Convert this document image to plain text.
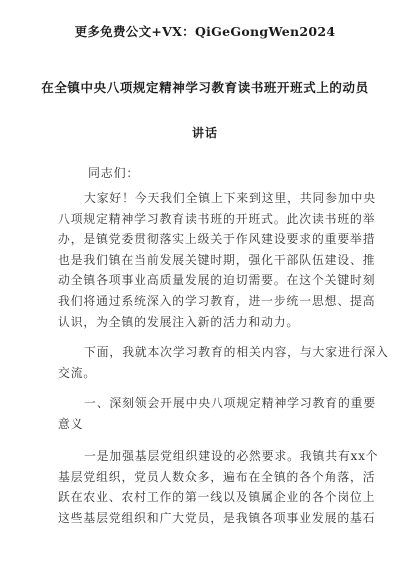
更多免费公文+VX：QiGeGongWen2024
在全镇中央八项规定精神学习教育读书班开班式上的动员
讲话
同志们：
大家好！今天我们全镇上下来到这里，共同参加中央
八项规定精神学习教育读书班的开班式。此次读书班的举
办，是镇党委贯彻落实上级关于作风建设要求的重要举措
也是我们镇在当前发展关键时期，强化干部队伍建设、推
动全镇各项事业高质量发展的迫切需要。在这个关键时刻
我们将通过系统深入的学习教育，进一步统一思想、提高
认识，为全镇的发展注入新的活力和动力。
下面，我就本次学习教育的相关内容，与大家进行深入
交流。
一、深刻领会开展中央八项规定精神学习教育的重要
意义
一是加强基层党组织建设的必然要求。我镇共有xx个
基层党组织，党员人数众多，遍布在全镇的各个角落，活
跃在农业、农村工作的第一线以及镇属企业的各个岗位上
这些基层党组织和广大党员，是我镇各项事业发展的基石
